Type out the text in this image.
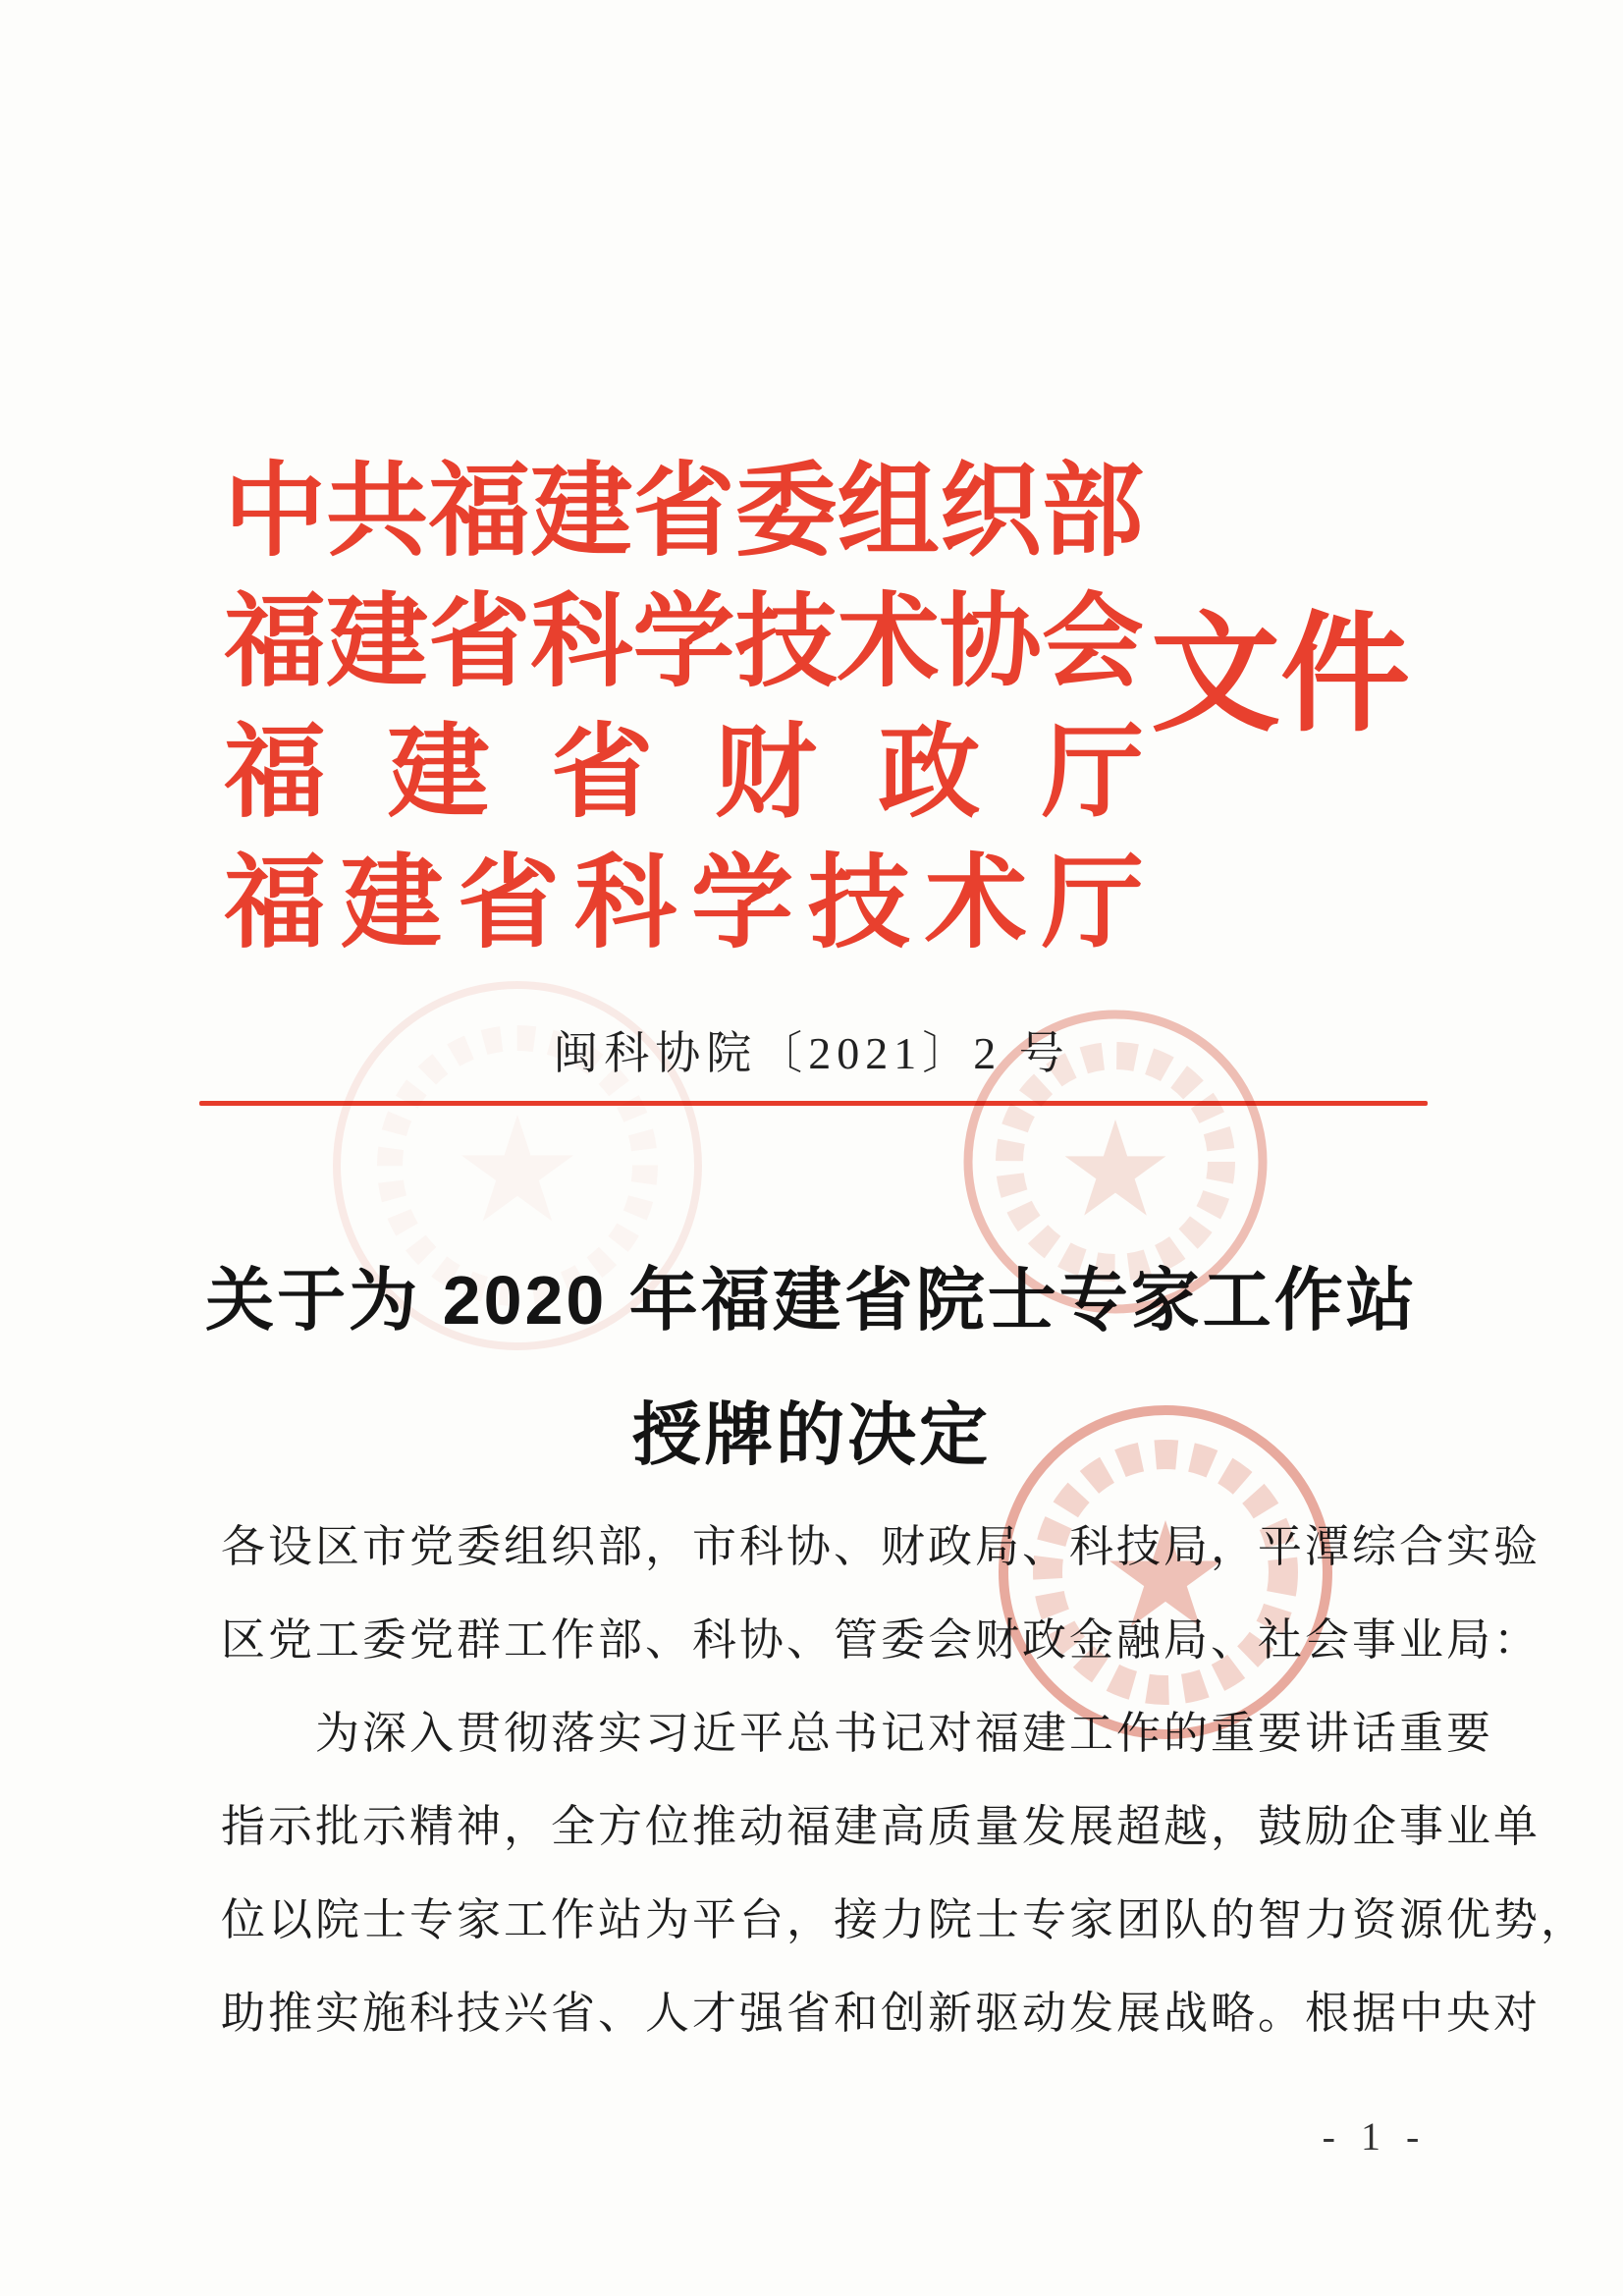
中 共 福 建 省 委 组 织 部
福 建 省 科 学 技 术 协 会
福 建 省 财 政 厅
福 建 省 科 学 技 术 厅
文 件
闽科协院〔2021〕2 号
关于为 2020 年福建省院士专家工作站
授牌的决定
各设区市党委组织部，市科协、财政局、科技局，平潭综合实验
区党工委党群工作部、科协、管委会财政金融局、社会事业局：
　　为深入贯彻落实习近平总书记对福建工作的重要讲话重要
指示批示精神，全方位推动福建高质量发展超越，鼓励企事业单
位以院士专家工作站为平台，接力院士专家团队的智力资源优势，
助推实施科技兴省、人才强省和创新驱动发展战略。根据中央对
- 1 -
